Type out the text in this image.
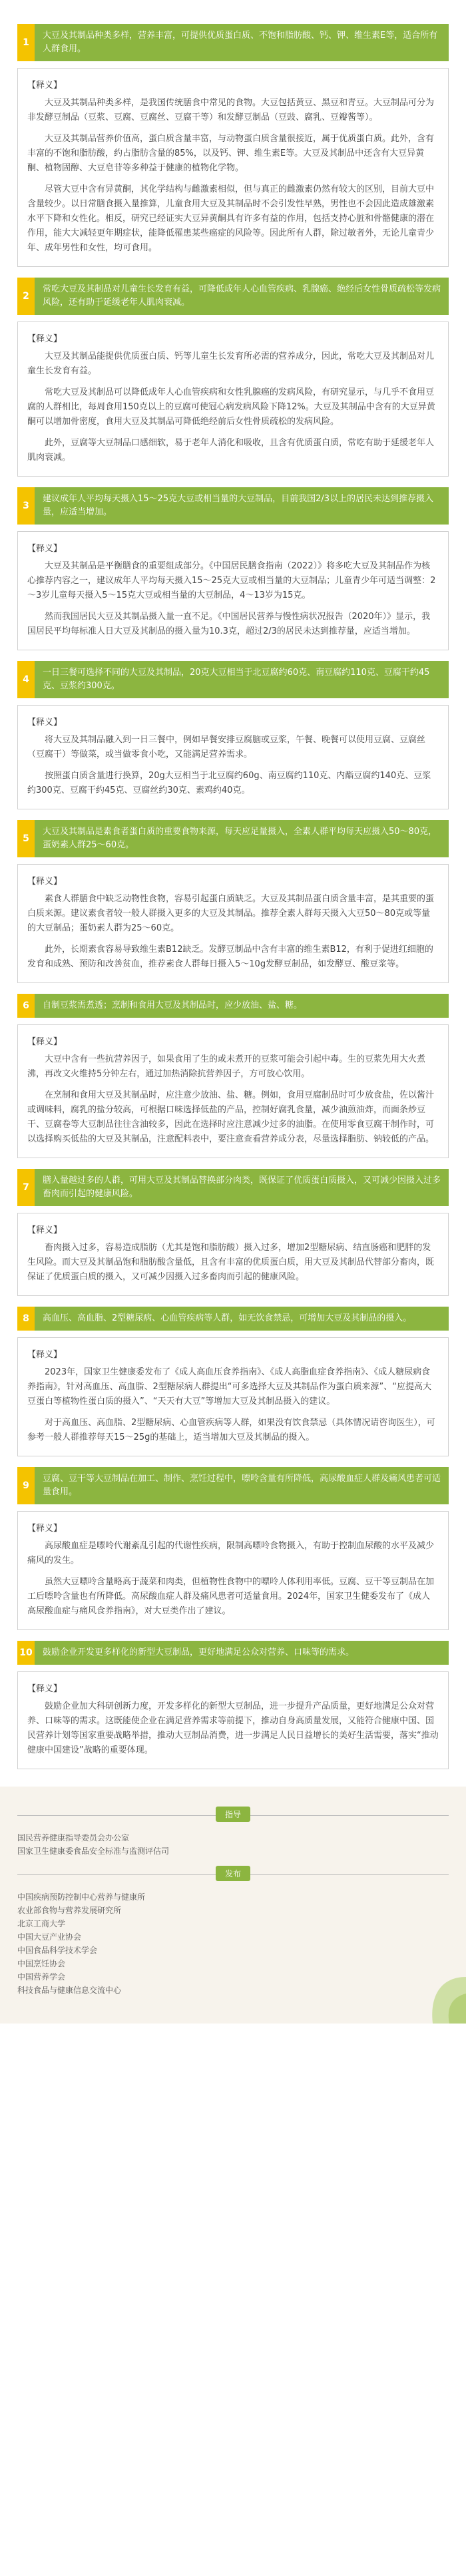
1
大豆及其制品种类多样，营养丰富，可提供优质蛋白质、不饱和脂肪酸、钙、钾、维生素E等，适合所有人群食用。
【释义】

大豆及其制品种类多样，是我国传统膳食中常见的食物。大豆包括黄豆、黑豆和青豆。大豆制品可分为非发酵豆制品（豆浆、豆腐、豆腐丝、豆腐干等）和发酵豆制品（豆豉、腐乳、豆瓣酱等）。

大豆及其制品营养价值高，蛋白质含量丰富，与动物蛋白质含量很接近，属于优质蛋白质。此外，含有丰富的不饱和脂肪酸，约占脂肪含量的85%，以及钙、钾、维生素E等。大豆及其制品中还含有大豆异黄酮、植物固醇、大豆皂苷等多种益于健康的植物化学物。

尽管大豆中含有异黄酮，其化学结构与雌激素相似，但与真正的雌激素仍然有较大的区别，目前大豆中含量较少。以日常膳食摄入量推算，儿童食用大豆及其制品时不会引发性早熟，男性也不会因此造成雄激素水平下降和女性化。相反，研究已经证实大豆异黄酮具有许多有益的作用，包括支持心脏和骨骼健康的潜在作用，能大大减轻更年期症状，能降低罹患某些癌症的风险等。因此所有人群，除过敏者外，无论儿童青少年、成年男性和女性，均可食用。

2
常吃大豆及其制品对儿童生长发育有益，可降低成年人心血管疾病、乳腺癌、绝经后女性骨质疏松等发病风险，还有助于延缓老年人肌肉衰减。
【释义】

大豆及其制品能提供优质蛋白质、钙等儿童生长发育所必需的营养成分，因此，常吃大豆及其制品对儿童生长发育有益。

常吃大豆及其制品可以降低成年人心血管疾病和女性乳腺癌的发病风险，有研究显示，与几乎不食用豆腐的人群相比，每周食用150克以上的豆腐可使冠心病发病风险下降12%。大豆及其制品中含有的大豆异黄酮可以增加骨密度，食用大豆及其制品可降低绝经前后女性骨质疏松的发病风险。

此外，豆腐等大豆制品口感细软，易于老年人消化和吸收，且含有优质蛋白质，常吃有助于延缓老年人肌肉衰减。

3
建议成年人平均每天摄入15～25克大豆或相当量的大豆制品，目前我国2/3以上的居民未达到推荐摄入量，应适当增加。
【释义】

大豆及其制品是平衡膳食的重要组成部分。《中国居民膳食指南（2022）》将多吃大豆及其制品作为核心推荐内容之一，建议成年人平均每天摄入15～25克大豆或相当量的大豆制品；儿童青少年可适当调整：2～3岁儿童每天摄入5～15克大豆或相当量的大豆制品，4～13岁为15克。

然而我国居民大豆及其制品摄入量一直不足。《中国居民营养与慢性病状况报告（2020年）》显示，我国居民平均每标准人日大豆及其制品的摄入量为10.3克，超过2/3的居民未达到推荐量，应适当增加。

4
一日三餐可选择不同的大豆及其制品，20克大豆相当于北豆腐约60克、南豆腐约110克、豆腐干约45克、豆浆约300克。
【释义】

将大豆及其制品融入到一日三餐中，例如早餐安排豆腐脑或豆浆，午餐、晚餐可以使用豆腐、豆腐丝（豆腐干）等做菜，或当做零食小吃，又能满足营养需求。

按照蛋白质含量进行换算，20g大豆相当于北豆腐约60g、南豆腐约110克、内酯豆腐约140克、豆浆约300克、豆腐干约45克、豆腐丝约30克、素鸡约40克。

5
大豆及其制品是素食者蛋白质的重要食物来源，每天应足量摄入，全素人群平均每天应摄入50～80克，蛋奶素人群25～60克。
【释义】

素食人群膳食中缺乏动物性食物，容易引起蛋白质缺乏。大豆及其制品蛋白质含量丰富，是其重要的蛋白质来源。建议素食者较一般人群摄入更多的大豆及其制品。推荐全素人群每天摄入大豆50～80克或等量的大豆制品；蛋奶素人群为25～60克。

此外，长期素食容易导致维生素B12缺乏。发酵豆制品中含有丰富的维生素B12，有利于促进红细胞的发育和成熟、预防和改善贫血，推荐素食人群每日摄入5～10g发酵豆制品，如发酵豆、酸豆浆等。

6	自制豆浆需煮透；烹制和食用大豆及其制品时，应少放油、盐、糖。
【释义】

大豆中含有一些抗营养因子，如果食用了生的或未煮开的豆浆可能会引起中毒。生的豆浆先用大火煮沸，再改文火维持5分钟左右，通过加热消除抗营养因子，方可放心饮用。

在烹制和食用大豆及其制品时，应注意少放油、盐、糖。例如，食用豆腐制品时可少放食盐，佐以酱汁或调味料，腐乳的盐分较高，可根据口味选择低盐的产品，控制好腐乳食量，减少油煎油炸，而面条炒豆干、豆腐卷等大豆制品往往含油较多，因此在选择时应注意减少过多的油脂。在使用零食豆腐干制作时，可以选择购买低盐的大豆及其制品，注意配料表中，要注意查看营养成分表，尽量选择脂肪、钠较低的产品。

7
膳入量越过多的人群，可用大豆及其制品替换部分肉类，既保证了优质蛋白质摄入，又可减少因摄入过多畜肉而引起的健康风险。
【释义】

畜肉摄入过多，容易造成脂肪（尤其是饱和脂肪酸）摄入过多，增加2型糖尿病、结直肠癌和肥胖的发生风险。而大豆及其制品饱和脂肪酸含量低，且含有丰富的优质蛋白质，用大豆及其制品代替部分畜肉，既保证了优质蛋白质的摄入，又可减少因摄入过多畜肉而引起的健康风险。

8	高血压、高血脂、2型糖尿病、心血管疾病等人群，如无饮食禁忌，可增加大豆及其制品的摄入。
【释义】

2023年，国家卫生健康委发布了《成人高血压食养指南》、《成人高脂血症食养指南》、《成人糖尿病食养指南》，针对高血压、高血脂、2型糖尿病人群提出“可多选择大豆及其制品作为蛋白质来源”、“应提高大豆蛋白等植物性蛋白质的摄入”、“天天有大豆”等增加大豆及其制品摄入的建议。

对于高血压、高血脂、2型糖尿病、心血管疾病等人群，如果没有饮食禁忌（具体情况请咨询医生），可参考一般人群推荐每天15～25g的基础上，适当增加大豆及其制品的摄入。

9
豆腐、豆干等大豆制品在加工、制作、烹饪过程中，嘌呤含量有所降低，高尿酸血症人群及痛风患者可适量食用。
【释义】

高尿酸血症是嘌呤代谢紊乱引起的代谢性疾病，限制高嘌呤食物摄入，有助于控制血尿酸的水平及减少痛风的发生。

虽然大豆嘌呤含量略高于蔬菜和肉类，但植物性食物中的嘌呤人体利用率低。豆腐、豆干等豆制品在加工后嘌呤含量也有所降低。高尿酸血症人群及痛风患者可适量食用。2024年，国家卫生健委发布了《成人高尿酸血症与痛风食养指南》，对大豆类作出了建议。

10	鼓励企业开发更多样化的新型大豆制品，更好地满足公众对营养、口味等的需求。
【释义】

鼓励企业加大科研创新力度，开发多样化的新型大豆制品，进一步提升产品质量，更好地满足公众对营养、口味等的需求。这既能使企业在满足营养需求等前提下，推动自身高质量发展，又能符合健康中国、国民营养计划等国家重要战略举措，推动大豆制品消费，进一步满足人民日益增长的美好生活需要，落实“推动健康中国建设”战略的重要体现。

指导
国民营养健康指导委员会办公室
国家卫生健康委食品安全标准与监测评估司
发布
中国疾病预防控制中心营养与健康所
农业部食物与营养发展研究所
北京工商大学
中国大豆产业协会
中国食品科学技术学会
中国烹饪协会
中国营养学会
科技食品与健康信息交流中心
